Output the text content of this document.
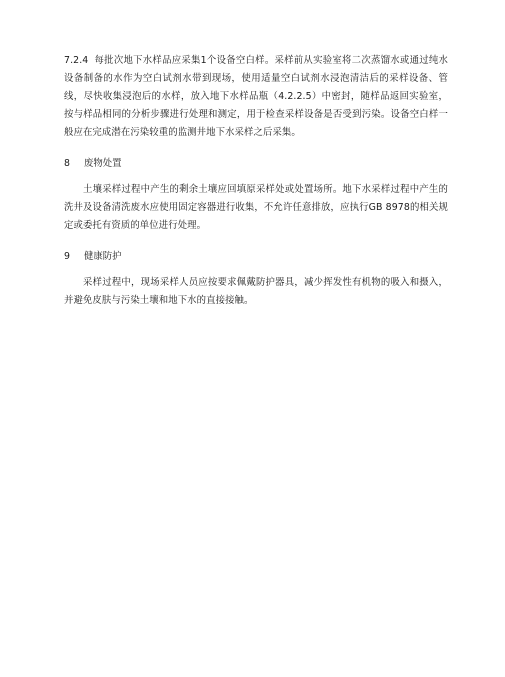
7.2.4 每批次地下水样品应采集1个设备空白样。采样前从实验室将二次蒸馏水或通过纯水设备制备的水作为空白试剂水带到现场，使用适量空白试剂水浸泡清洁后的采样设备、管线，尽快收集浸泡后的水样，放入地下水样品瓶（4.2.2.5）中密封，随样品返回实验室，按与样品相同的分析步骤进行处理和测定，用于检查采样设备是否受到污染。设备空白样一般应在完成潜在污染较重的监测井地下水采样之后采集。

8 废物处置

土壤采样过程中产生的剩余土壤应回填原采样处或处置场所。地下水采样过程中产生的洗井及设备清洗废水应使用固定容器进行收集，不允许任意排放，应执行GB 8978的相关规定或委托有资质的单位进行处理。

9 健康防护

采样过程中，现场采样人员应按要求佩戴防护器具，减少挥发性有机物的吸入和摄入，并避免皮肤与污染土壤和地下水的直接接触。
